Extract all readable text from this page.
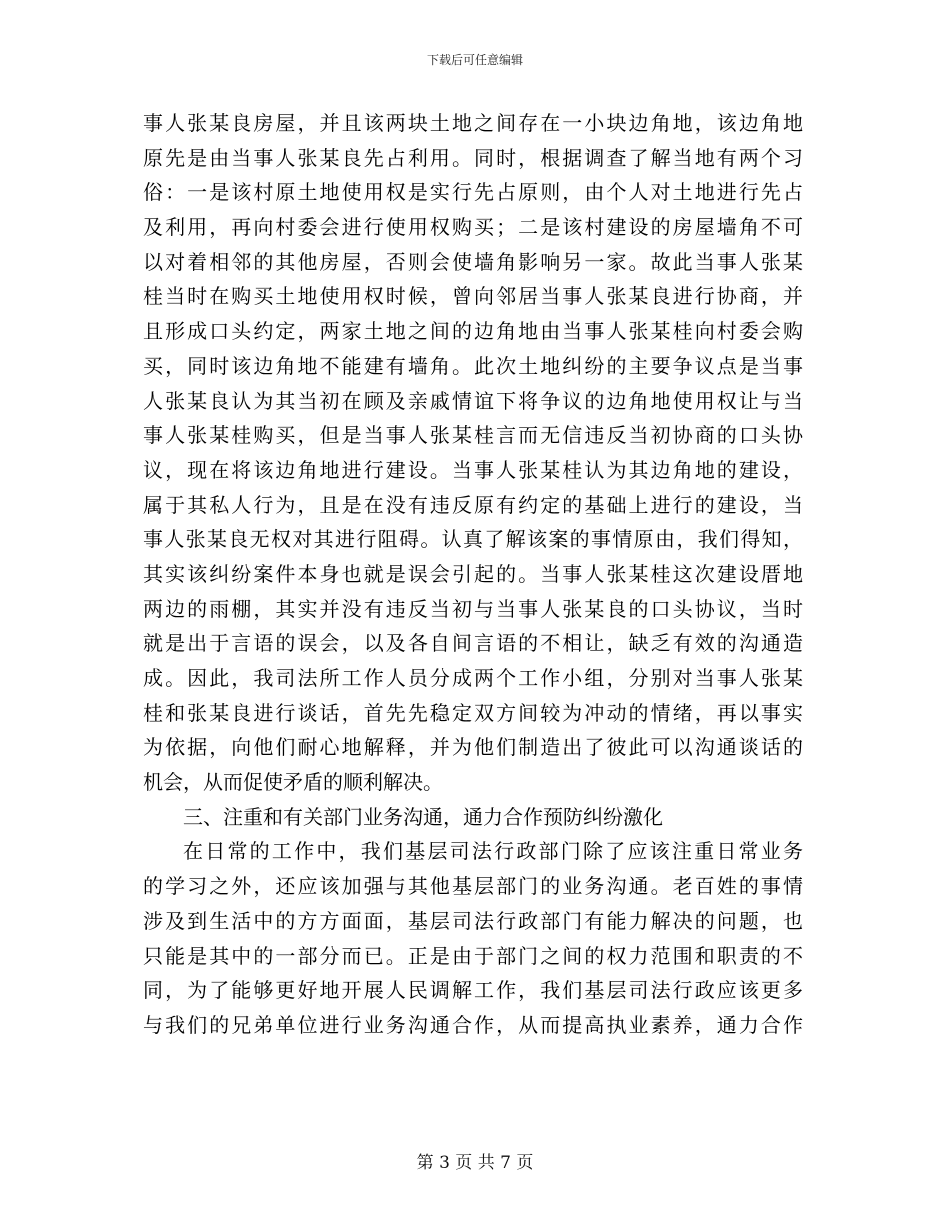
下载后可任意编辑
事人张某良房屋，并且该两块土地之间存在一小块边角地，该边角地
原先是由当事人张某良先占利用。同时，根据调查了解当地有两个习
俗：一是该村原土地使用权是实行先占原则，由个人对土地进行先占
及利用，再向村委会进行使用权购买；二是该村建设的房屋墙角不可
以对着相邻的其他房屋，否则会使墙角影响另一家。故此当事人张某
桂当时在购买土地使用权时候，曾向邻居当事人张某良进行协商，并
且形成口头约定，两家土地之间的边角地由当事人张某桂向村委会购
买，同时该边角地不能建有墙角。此次土地纠纷的主要争议点是当事
人张某良认为其当初在顾及亲戚情谊下将争议的边角地使用权让与当
事人张某桂购买，但是当事人张某桂言而无信违反当初协商的口头协
议，现在将该边角地进行建设。当事人张某桂认为其边角地的建设，
属于其私人行为，且是在没有违反原有约定的基础上进行的建设，当
事人张某良无权对其进行阻碍。认真了解该案的事情原由，我们得知，
其实该纠纷案件本身也就是误会引起的。当事人张某桂这次建设厝地
两边的雨棚，其实并没有违反当初与当事人张某良的口头协议，当时
就是出于言语的误会，以及各自间言语的不相让，缺乏有效的沟通造
成。因此，我司法所工作人员分成两个工作小组，分别对当事人张某
桂和张某良进行谈话，首先先稳定双方间较为冲动的情绪，再以事实
为依据，向他们耐心地解释，并为他们制造出了彼此可以沟通谈话的
机会，从而促使矛盾的顺利解决。
三、注重和有关部门业务沟通，通力合作预防纠纷激化
在日常的工作中，我们基层司法行政部门除了应该注重日常业务
的学习之外，还应该加强与其他基层部门的业务沟通。老百姓的事情
涉及到生活中的方方面面，基层司法行政部门有能力解决的问题，也
只能是其中的一部分而已。正是由于部门之间的权力范围和职责的不
同，为了能够更好地开展人民调解工作，我们基层司法行政应该更多
与我们的兄弟单位进行业务沟通合作，从而提高执业素养，通力合作
第 3 页 共 7 页
